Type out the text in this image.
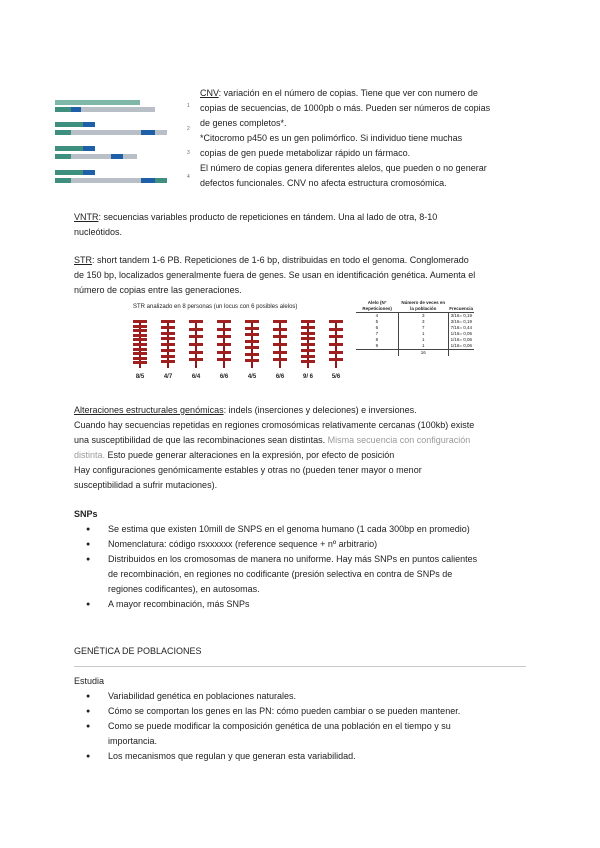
1
2
3
4
CNV: variación en el número de copias. Tiene que ver con numero de
copias de secuencias, de 1000pb o más. Pueden ser números de copias
de genes completos*.
*Citocromo p450 es un gen polimórfico. Si individuo tiene muchas
copias de gen puede metabolizar rápido un fármaco.
El número de copias genera diferentes alelos, que pueden o no generar
defectos funcionales. CNV no afecta estructura cromosómica.
VNTR: secuencias variables producto de repeticiones en tándem. Una al lado de otra, 8-10
nucleótidos.
STR: short tandem 1-6 PB. Repeticiones de 1-6 bp, distribuidas en todo el genoma. Conglomerado
de 150 bp, localizados generalmente fuera de genes. Se usan en identificación genética. Aumenta el
número de copias entre las generaciones.
STR analizado en 8 personas (un locus con 6 posibles alelos)
8/5	4/7	6/4	6/6	4/5	6/6	9/ 6	5/6
Alelo (N° Repeticiones)	Número de veces en la población	Frecuencia
4	3	3/16= 0,19
5	3	3/16= 0,19
6	7	7/16= 0,44
7	1	1/16= 0,06
8	1	1/16= 0,06
9	1	1/16= 0,06
	16	
Alteraciones estructurales genómicas: indels (inserciones y deleciones) e inversiones.
Cuando hay secuencias repetidas en regiones cromosómicas relativamente cercanas (100kb) existe
una susceptibilidad de que las recombinaciones sean distintas. Misma secuencia con configuración
distinta. Esto puede generar alteraciones en la expresión, por efecto de posición
Hay configuraciones genómicamente estables y otras no (pueden tener mayor o menor
susceptibilidad a sufrir mutaciones).
SNPs
● Se estima que existen 10mill de SNPS en el genoma humano (1 cada 300bp en promedio)
● Nomenclatura: código rsxxxxxx (reference sequence + nº arbitrario)
● Distribuidos en los cromosomas de manera no uniforme. Hay más SNPs en puntos calientes
de recombinación, en regiones no codificante (presión selectiva en contra de SNPs de
regiones codificantes), en autosomas.
● A mayor recombinación, más SNPs
GENÉTICA DE POBLACIONES
Estudia
● Variabilidad genética en poblaciones naturales.
● Cómo se comportan los genes en las PN: cómo pueden cambiar o se pueden mantener.
● Como se puede modificar la composición genética de una población en el tiempo y su
importancia.
● Los mecanismos que regulan y que generan esta variabilidad.
